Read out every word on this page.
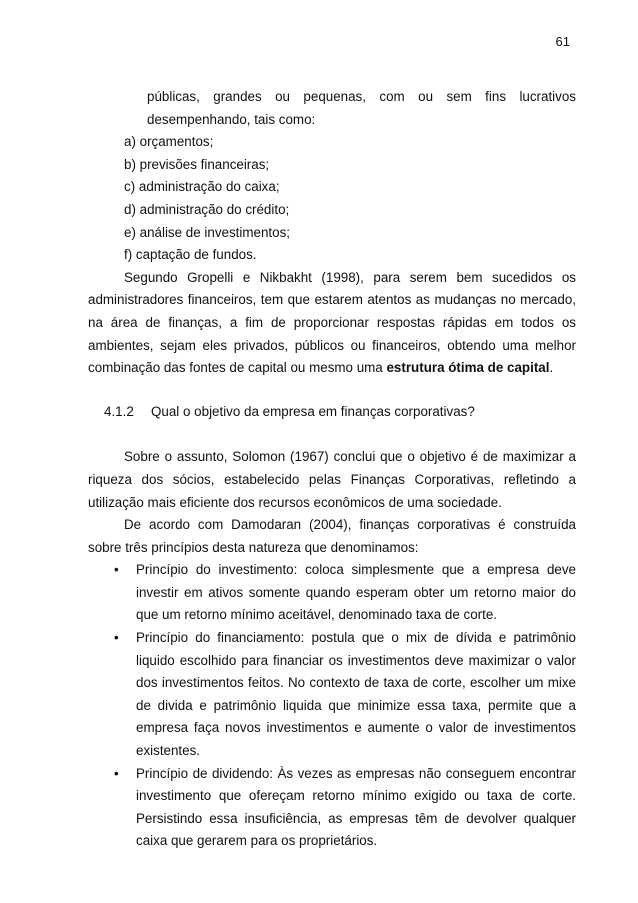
61
públicas, grandes ou pequenas, com ou sem fins lucrativos
desempenhando, tais como:
a) orçamentos;
b) previsões financeiras;
c) administração do caixa;
d) administração do crédito;
e) análise de investimentos;
f) captação de fundos.

Segundo Gropelli e Nikbakht (1998), para serem bem sucedidos os administradores financeiros, tem que estarem atentos as mudanças no mercado, na área de finanças, a fim de proporcionar respostas rápidas em todos os ambientes, sejam eles privados, públicos ou financeiros, obtendo uma melhor combinação das fontes de capital ou mesmo uma estrutura ótima de capital.

4.1.2 Qual o objetivo da empresa em finanças corporativas?

Sobre o assunto, Solomon (1967) conclui que o objetivo é de maximizar a riqueza dos sócios, estabelecido pelas Finanças Corporativas, refletindo a utilização mais eficiente dos recursos econômicos de uma sociedade.

De acordo com Damodaran (2004), finanças corporativas é construída sobre três princípios desta natureza que denominamos:

• Princípio do investimento: coloca simplesmente que a empresa deve investir em ativos somente quando esperam obter um retorno maior do que um retorno mínimo aceitável, denominado taxa de corte.
• Princípio do financiamento: postula que o mix de dívida e patrimônio liquido escolhido para financiar os investimentos deve maximizar o valor dos investimentos feitos. No contexto de taxa de corte, escolher um mixe de divida e patrimônio liquida que minimize essa taxa, permite que a empresa faça novos investimentos e aumente o valor de investimentos existentes.
• Princípio de dividendo: Às vezes as empresas não conseguem encontrar investimento que ofereçam retorno mínimo exigido ou taxa de corte. Persistindo essa insuficiência, as empresas têm de devolver qualquer caixa que gerarem para os proprietários.
